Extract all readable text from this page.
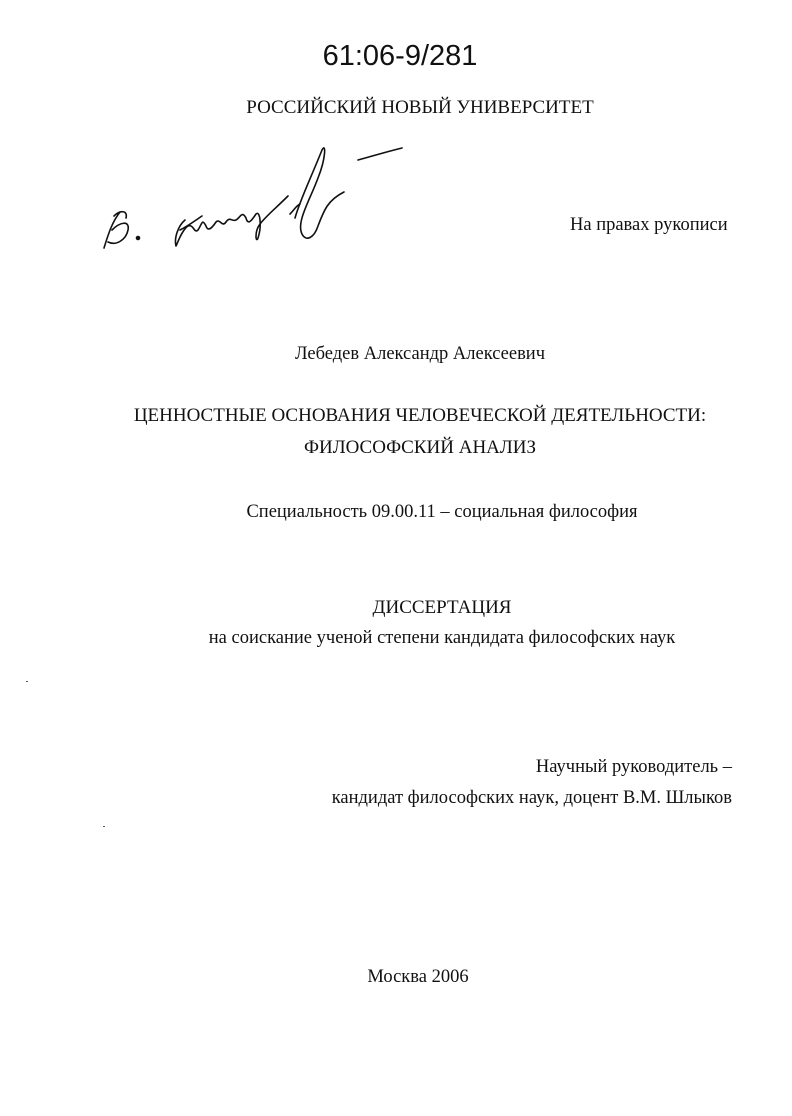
61:06-9/281
РОССИЙСКИЙ НОВЫЙ УНИВЕРСИТЕТ
На правах рукописи
Лебедев Александр Алексеевич
ЦЕННОСТНЫЕ ОСНОВАНИЯ ЧЕЛОВЕЧЕСКОЙ ДЕЯТЕЛЬНОСТИ:
ФИЛОСОФСКИЙ АНАЛИЗ
Специальность 09.00.11 – социальная философия
ДИССЕРТАЦИЯ
на соискание ученой степени кандидата философских наук
Научный руководитель –
кандидат философских наук, доцент В.М. Шлыков
Москва 2006
